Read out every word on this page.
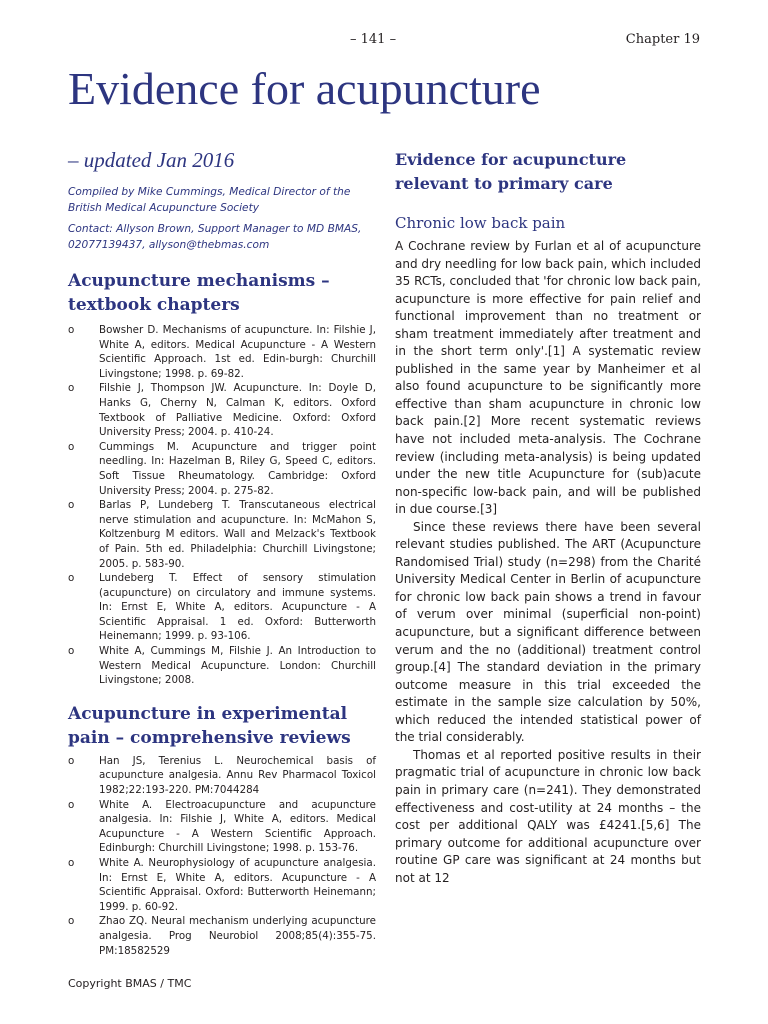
– 141 –	Chapter 19
Evidence for acupuncture

– updated Jan 2016

Compiled by Mike Cummings, Medical Director of the British Medical Acupuncture Society

Contact: Allyson Brown, Support Manager to MD BMAS, 02077139437, allyson@thebmas.com

Acupuncture mechanisms – textbook chapters
o Bowsher D. Mechanisms of acupuncture. In: Filshie J, White A, editors. Medical Acupuncture - A Western Scientific Approach. 1st ed. Edin-burgh: Churchill Livingstone; 1998. p. 69-82.
o Filshie J, Thompson JW. Acupuncture. In: Doyle D, Hanks G, Cherny N, Calman K, editors. Oxford Textbook of Palliative Medicine. Oxford: Oxford University Press; 2004. p. 410-24.
o Cummings M. Acupuncture and trigger point needling. In: Hazelman B, Riley G, Speed C, editors. Soft Tissue Rheumatology. Cambridge: Oxford University Press; 2004. p. 275-82.
o Barlas P, Lundeberg T. Transcutaneous electrical nerve stimulation and acupuncture. In: McMahon S, Koltzenburg M editors. Wall and Melzack's Textbook of Pain. 5th ed. Philadelphia: Churchill Livingstone; 2005. p. 583-90.
o Lundeberg T. Effect of sensory stimulation (acupuncture) on circulatory and immune systems. In: Ernst E, White A, editors. Acupuncture - A Scientific Appraisal. 1 ed. Oxford: Butterworth Heinemann; 1999. p. 93-106.
o White A, Cummings M, Filshie J. An Introduction to Western Medical Acupuncture. London: Churchill Livingstone; 2008.
Acupuncture in experimental pain – comprehensive reviews
o Han JS, Terenius L. Neurochemical basis of acupuncture analgesia. Annu Rev Pharmacol Toxicol 1982;22:193-220. PM:7044284
o White A. Electroacupuncture and acupuncture analgesia. In: Filshie J, White A, editors. Medical Acupuncture - A Western Scientific Approach. Edinburgh: Churchill Livingstone; 1998. p. 153-76.
o White A. Neurophysiology of acupuncture analgesia. In: Ernst E, White A, editors. Acupuncture - A Scientific Appraisal. Oxford: Butterworth Heinemann; 1999. p. 60-92.
o Zhao ZQ. Neural mechanism underlying acupuncture analgesia. Prog Neurobiol 2008;85(4):355-75. PM:18582529
Evidence for acupuncture relevant to primary care
Chronic low back pain

A Cochrane review by Furlan et al of acupuncture and dry needling for low back pain, which included 35 RCTs, concluded that 'for chronic low back pain, acupuncture is more effective for pain relief and functional improvement than no treatment or sham treatment immediately after treatment and in the short term only'.[1] A systematic review published in the same year by Manheimer et al also found acupuncture to be significantly more effective than sham acupuncture in chronic low back pain.[2] More recent systematic reviews have not included meta-analysis. The Cochrane review (including meta-analysis) is being updated under the new title Acupuncture for (sub)acute non-specific low-back pain, and will be published in due course.[3]

Since these reviews there have been several relevant studies published. The ART (Acupuncture Randomised Trial) study (n=298) from the Charité University Medical Center in Berlin of acupuncture for chronic low back pain shows a trend in favour of verum over minimal (superficial non-point) acupuncture, but a significant difference between verum and the no (additional) treatment control group.[4] The standard deviation in the primary outcome measure in this trial exceeded the estimate in the sample size calculation by 50%, which reduced the intended statistical power of the trial considerably.

Thomas et al reported positive results in their pragmatic trial of acupuncture in chronic low back pain in primary care (n=241). They demonstrated effectiveness and cost-utility at 24 months – the cost per additional QALY was £4241.[5,6] The primary outcome for additional acupuncture over routine GP care was significant at 24 months but not at 12

Copyright BMAS / TMC
